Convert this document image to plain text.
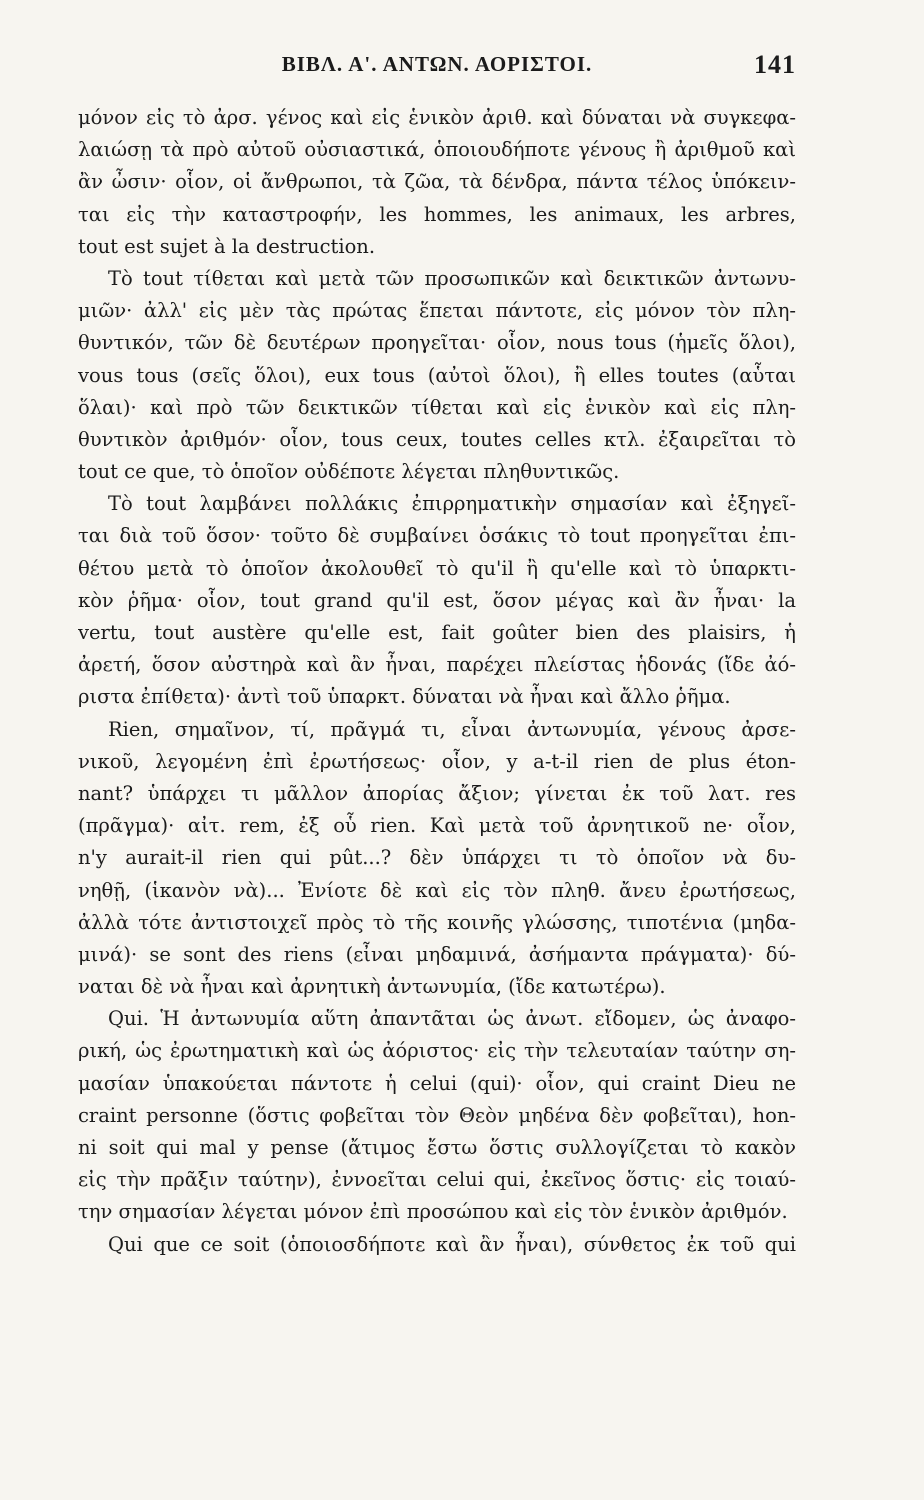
ΒΙΒΛ. Α'. ΑΝΤΩΝ. ΑΟΡΙΣΤΟΙ.	141
μόνον εἰς τὸ ἀρσ. γένος καὶ εἰς ἑνικὸν ἀριθ. καὶ δύναται νὰ συγκεφα-
λαιώσῃ τὰ πρὸ αὐτοῦ οὐσιαστικά, ὁποιουδήποτε γένους ἢ ἀριθμοῦ καὶ
ἂν ὦσιν· οἷον, οἱ ἄνθρωποι, τὰ ζῶα, τὰ δένδρα, πάντα τέλος ὑπόκειν-
ται εἰς τὴν καταστροφήν, les hommes, les animaux, les arbres,
tout est sujet à la destruction.
Τὸ tout τίθεται καὶ μετὰ τῶν προσωπικῶν καὶ δεικτικῶν ἀντωνυ-
μιῶν· ἀλλ' εἰς μὲν τὰς πρώτας ἕπεται πάντοτε, εἰς μόνον τὸν πλη-
θυντικόν, τῶν δὲ δευτέρων προηγεῖται· οἷον, nous tous (ἡμεῖς ὅλοι),
vous tous (σεῖς ὅλοι), eux tous (αὐτοὶ ὅλοι), ἢ elles toutes (αὗται
ὅλαι)· καὶ πρὸ τῶν δεικτικῶν τίθεται καὶ εἰς ἑνικὸν καὶ εἰς πλη-
θυντικὸν ἀριθμόν· οἷον, tous ceux, toutes celles κτλ. ἐξαιρεῖται τὸ
tout ce que, τὸ ὁποῖον οὐδέποτε λέγεται πληθυντικῶς.
Τὸ tout λαμβάνει πολλάκις ἐπιρρηματικὴν σημασίαν καὶ ἐξηγεῖ-
ται διὰ τοῦ ὅσον· τοῦτο δὲ συμβαίνει ὁσάκις τὸ tout προηγεῖται ἐπι-
θέτου μετὰ τὸ ὁποῖον ἀκολουθεῖ τὸ qu'il ἢ qu'elle καὶ τὸ ὑπαρκτι-
κὸν ῥῆμα· οἷον, tout grand qu'il est, ὅσον μέγας καὶ ἂν ἦναι· la
vertu, tout austère qu'elle est, fait goûter bien des plaisirs, ἡ
ἀρετή, ὅσον αὐστηρὰ καὶ ἂν ἦναι, παρέχει πλείστας ἡδονάς (ἴδε ἀό-
ριστα ἐπίθετα)· ἀντὶ τοῦ ὑπαρκτ. δύναται νὰ ἦναι καὶ ἄλλο ῥῆμα.
Rien, σημαῖνον, τί, πρᾶγμά τι, εἶναι ἀντωνυμία, γένους ἀρσε-
νικοῦ, λεγομένη ἐπὶ ἐρωτήσεως· οἷον, y a-t-il rien de plus éton-
nant? ὑπάρχει τι μᾶλλον ἀπορίας ἄξιον; γίνεται ἐκ τοῦ λατ. res
(πρᾶγμα)· αἰτ. rem, ἐξ οὗ rien. Καὶ μετὰ τοῦ ἀρνητικοῦ ne· οἷον,
n'y aurait-il rien qui pût...? δὲν ὑπάρχει τι τὸ ὁποῖον νὰ δυ-
νηθῇ, (ἱκανὸν νὰ)... Ἐνίοτε δὲ καὶ εἰς τὸν πληθ. ἄνευ ἐρωτήσεως,
ἀλλὰ τότε ἀντιστοιχεῖ πρὸς τὸ τῆς κοινῆς γλώσσης, τιποτένια (μηδα-
μινά)· se sont des riens (εἶναι μηδαμινά, ἀσήμαντα πράγματα)· δύ-
ναται δὲ νὰ ἦναι καὶ ἀρνητικὴ ἀντωνυμία, (ἴδε κατωτέρω).
Qui. Ἡ ἀντωνυμία αὕτη ἀπαντᾶται ὡς ἀνωτ. εἴδομεν, ὡς ἀναφο-
ρική, ὡς ἐρωτηματικὴ καὶ ὡς ἀόριστος· εἰς τὴν τελευταίαν ταύτην ση-
μασίαν ὑπακούεται πάντοτε ἡ celui (qui)· οἷον, qui craint Dieu ne
craint personne (ὅστις φοβεῖται τὸν Θεὸν μηδένα δὲν φοβεῖται), hon-
ni soit qui mal y pense (ἄτιμος ἔστω ὅστις συλλογίζεται τὸ κακὸν
εἰς τὴν πρᾶξιν ταύτην), ἐννοεῖται celui qui, ἐκεῖνος ὅστις· εἰς τοιαύ-
την σημασίαν λέγεται μόνον ἐπὶ προσώπου καὶ εἰς τὸν ἑνικὸν ἀριθμόν.
Qui que ce soit (ὁποιοσδήποτε καὶ ἂν ἦναι), σύνθετος ἐκ τοῦ qui
